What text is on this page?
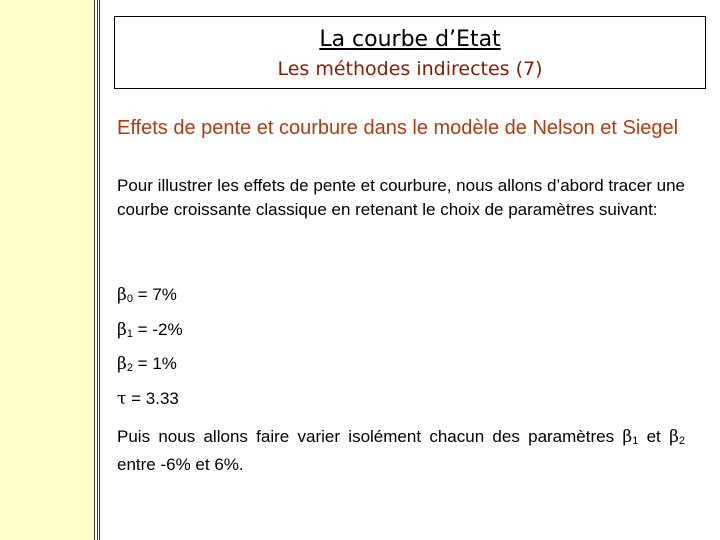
La courbe d’Etat
Les méthodes indirectes (7)
Effets de pente et courbure dans le modèle de Nelson et Siegel
Pour illustrer les effets de pente et courbure, nous allons d’abord tracer une courbe croissante classique en retenant le choix de paramètres suivant:
$\beta_0 = 7\%$
$\beta_1 = -2\%$
$\beta_2 = 1\%$
τ = 3.33
Puis nous allons faire varier isolément chacun des paramètres $\beta_1$ et $\beta_2$ entre -6% et 6%.
